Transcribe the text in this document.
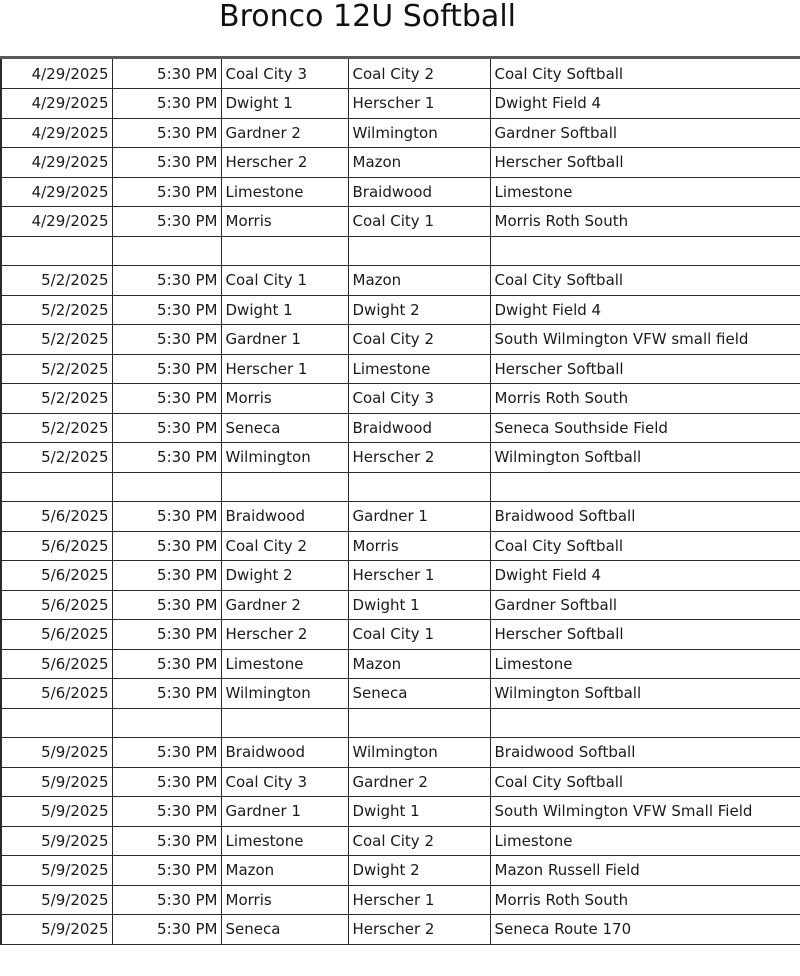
Bronco 12U Softball
4/29/2025	5:30 PM	Coal City 3	Coal City 2	Coal City Softball
4/29/2025	5:30 PM	Dwight 1	Herscher 1	Dwight Field 4
4/29/2025	5:30 PM	Gardner 2	Wilmington	Gardner Softball
4/29/2025	5:30 PM	Herscher 2	Mazon	Herscher Softball
4/29/2025	5:30 PM	Limestone	Braidwood	Limestone
4/29/2025	5:30 PM	Morris	Coal City 1	Morris Roth South

5/2/2025	5:30 PM	Coal City 1	Mazon	Coal City Softball
5/2/2025	5:30 PM	Dwight 1	Dwight 2	Dwight Field 4
5/2/2025	5:30 PM	Gardner 1	Coal City 2	South Wilmington VFW small field
5/2/2025	5:30 PM	Herscher 1	Limestone	Herscher Softball
5/2/2025	5:30 PM	Morris	Coal City 3	Morris Roth South
5/2/2025	5:30 PM	Seneca	Braidwood	Seneca Southside Field
5/2/2025	5:30 PM	Wilmington	Herscher 2	Wilmington Softball

5/6/2025	5:30 PM	Braidwood	Gardner 1	Braidwood Softball
5/6/2025	5:30 PM	Coal City 2	Morris	Coal City Softball
5/6/2025	5:30 PM	Dwight 2	Herscher 1	Dwight Field 4
5/6/2025	5:30 PM	Gardner 2	Dwight 1	Gardner Softball
5/6/2025	5:30 PM	Herscher 2	Coal City 1	Herscher Softball
5/6/2025	5:30 PM	Limestone	Mazon	Limestone
5/6/2025	5:30 PM	Wilmington	Seneca	Wilmington Softball

5/9/2025	5:30 PM	Braidwood	Wilmington	Braidwood Softball
5/9/2025	5:30 PM	Coal City 3	Gardner 2	Coal City Softball
5/9/2025	5:30 PM	Gardner 1	Dwight 1	South Wilmington VFW Small Field
5/9/2025	5:30 PM	Limestone	Coal City 2	Limestone
5/9/2025	5:30 PM	Mazon	Dwight 2	Mazon Russell Field
5/9/2025	5:30 PM	Morris	Herscher 1	Morris Roth South
5/9/2025	5:30 PM	Seneca	Herscher 2	Seneca Route 170
